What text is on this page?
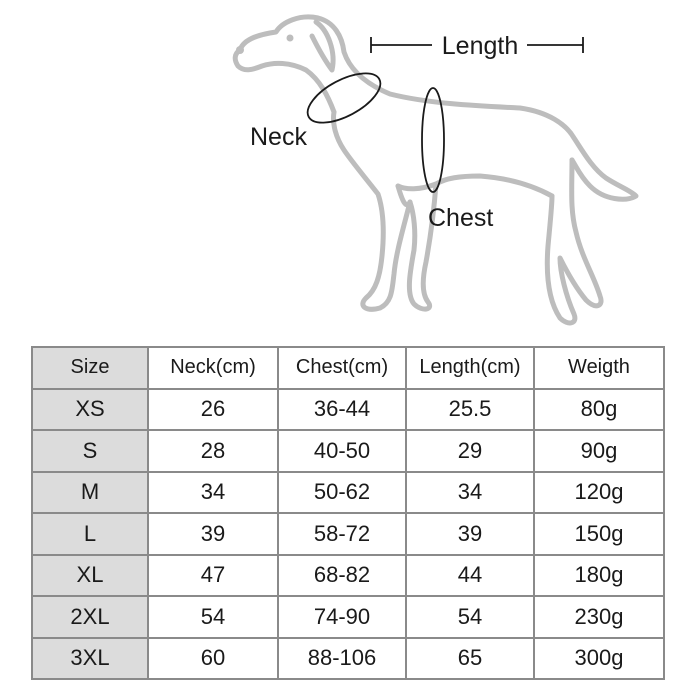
Length
Neck
Chest
Size	Neck(cm)	Chest(cm)	Length(cm)	Weigth
XS	26	36-44	25.5	80g
S	28	40-50	29	90g
M	34	50-62	34	120g
L	39	58-72	39	150g
XL	47	68-82	44	180g
2XL	54	74-90	54	230g
3XL	60	88-106	65	300g
